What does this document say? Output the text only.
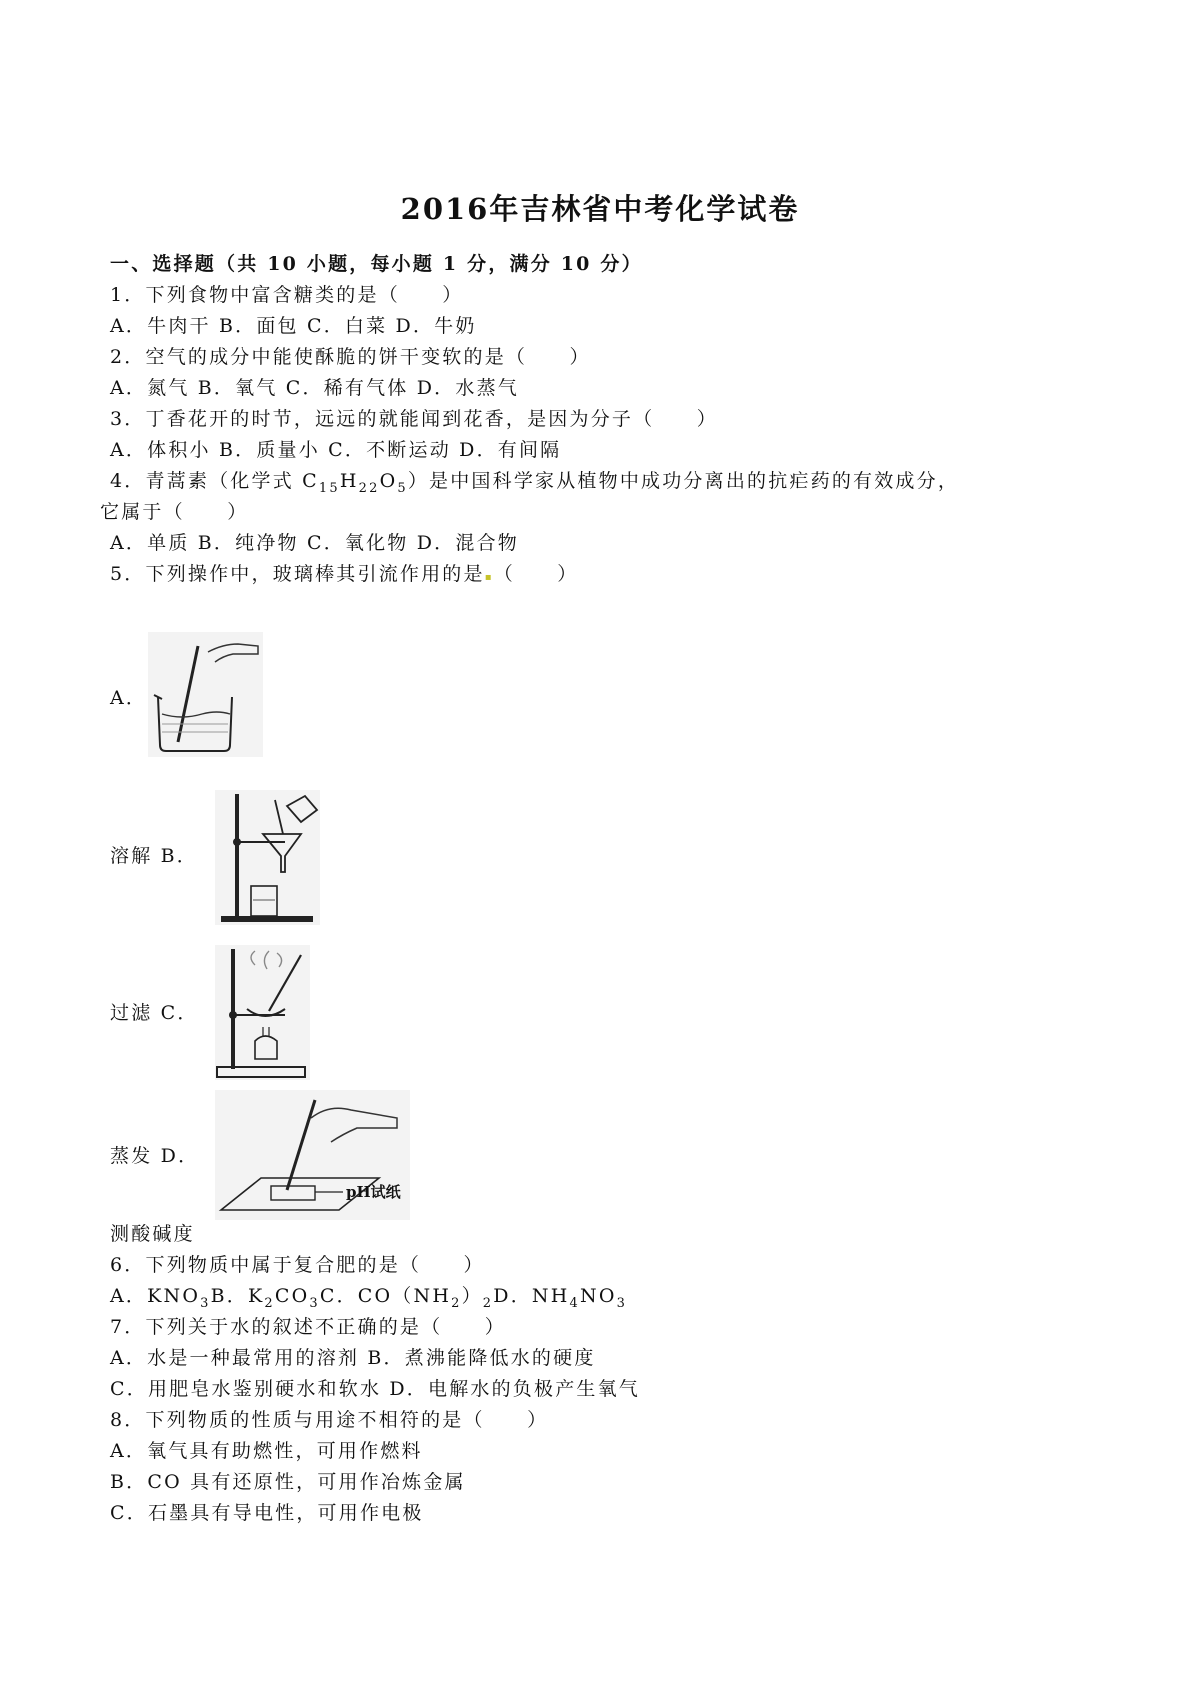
2016年吉林省中考化学试卷
一、选择题（共 10 小题，每小题 1 分，满分 10 分）
1．下列食物中富含糖类的是（　　）
A．牛肉干 B．面包 C．白菜 D．牛奶
2．空气的成分中能使酥脆的饼干变软的是（　　）
A．氮气 B．氧气 C．稀有气体 D．水蒸气
3．丁香花开的时节，远远的就能闻到花香，是因为分子（　　）
A．体积小 B．质量小 C．不断运动 D．有间隔
4．青蒿素（化学式 $C_{15}H_{22}O_5$）是中国科学家从植物中成功分离出的抗疟药的有效成分，
它属于（　　）
A．单质 B．纯净物 C．氧化物 D．混合物
5．下列操作中，玻璃棒其引流作用的是▪（　　）
A．
溶解 B．
过滤 C．
蒸发 D．
pH试纸
测酸碱度
6．下列物质中属于复合肥的是（　　）
A．$KNO_3B$．$K_2CO_3C$．$CO(NH_2)_2D$．$NH_4NO_3$
7．下列关于水的叙述不正确的是（　　）
A．水是一种最常用的溶剂 B．煮沸能降低水的硬度
C．用肥皂水鉴别硬水和软水 D．电解水的负极产生氧气
8．下列物质的性质与用途不相符的是（　　）
A．氧气具有助燃性，可用作燃料
B．CO 具有还原性，可用作冶炼金属
C．石墨具有导电性，可用作电极
